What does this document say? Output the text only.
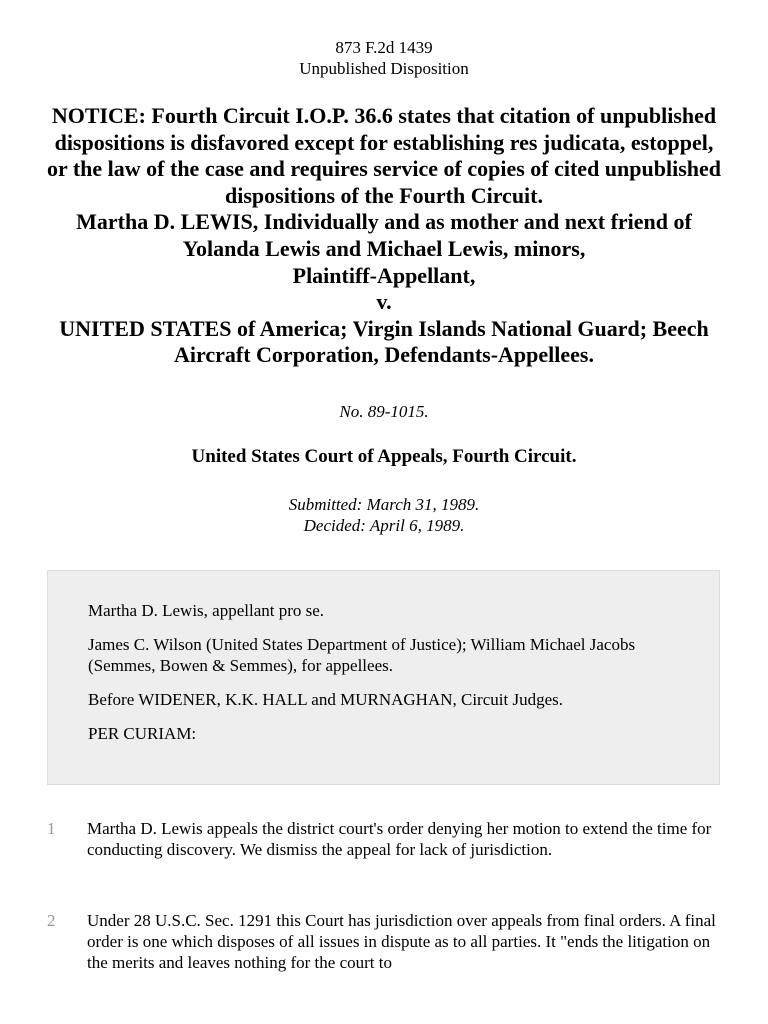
873 F.2d 1439
Unpublished Disposition
NOTICE: Fourth Circuit I.O.P. 36.6 states that citation of unpublished dispositions is disfavored except for establishing res judicata, estoppel, or the law of the case and requires service of copies of cited unpublished dispositions of the Fourth Circuit.
Martha D. LEWIS, Individually and as mother and next friend of Yolanda Lewis and Michael Lewis, minors,
Plaintiff-Appellant,
v.
UNITED STATES of America; Virgin Islands National Guard; Beech Aircraft Corporation, Defendants-Appellees.
No. 89-1015.
United States Court of Appeals, Fourth Circuit.
Submitted: March 31, 1989.
Decided: April 6, 1989.

Martha D. Lewis, appellant pro se.

James C. Wilson (United States Department of Justice); William Michael Jacobs (Semmes, Bowen & Semmes), for appellees.

Before WIDENER, K.K. HALL and MURNAGHAN, Circuit Judges.

PER CURIAM:

1 Martha D. Lewis appeals the district court's order denying her motion to extend the time for conducting discovery. We dismiss the appeal for lack of jurisdiction.
2 Under 28 U.S.C. Sec. 1291 this Court has jurisdiction over appeals from final orders. A final order is one which disposes of all issues in dispute as to all parties. It "ends the litigation on the merits and leaves nothing for the court to
